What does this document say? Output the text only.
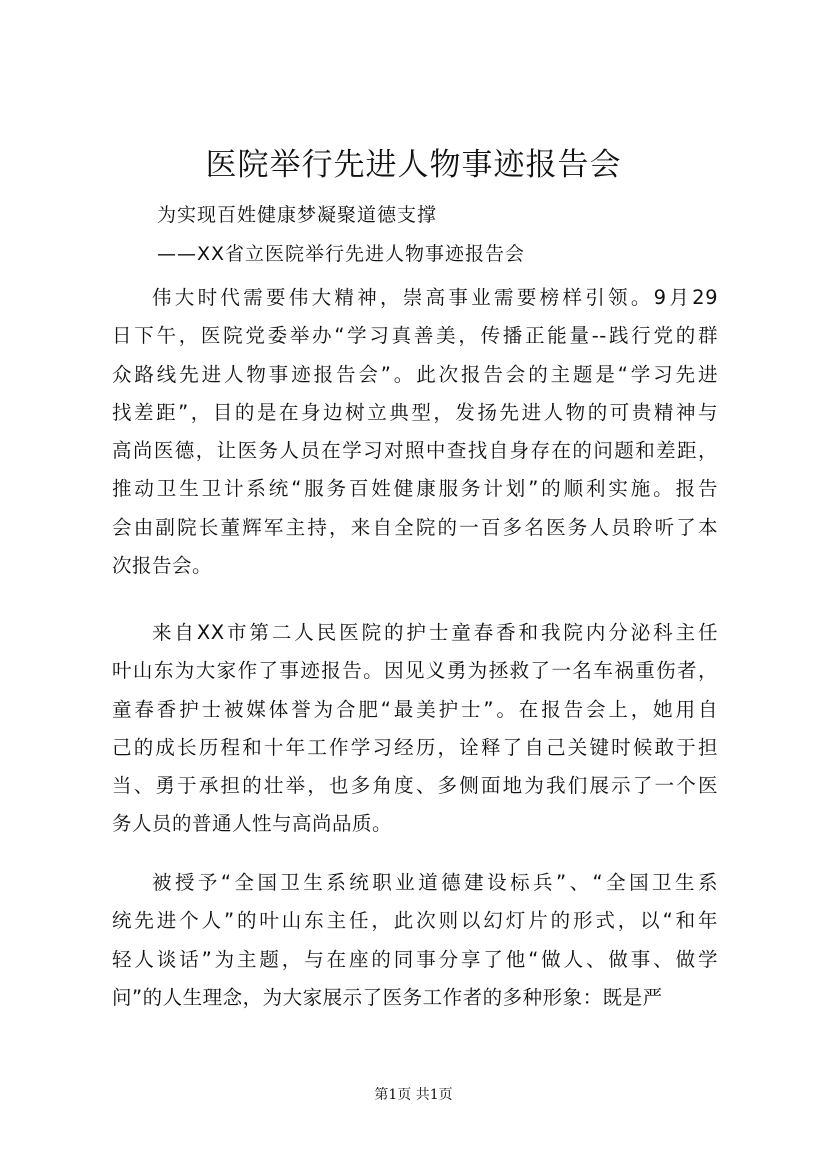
医院举行先进人物事迹报告会
为实现百姓健康梦凝聚道德支撑
——XX省立医院举行先进人物事迹报告会
伟大时代需要伟大精神，崇高事业需要榜样引领。9月29
日下午，医院党委举办“学习真善美，传播正能量--践行党的群
众路线先进人物事迹报告会”。此次报告会的主题是“学习先进
找差距”，目的是在身边树立典型，发扬先进人物的可贵精神与
高尚医德，让医务人员在学习对照中查找自身存在的问题和差距，
推动卫生卫计系统“服务百姓健康服务计划”的顺利实施。报告
会由副院长董辉军主持，来自全院的一百多名医务人员聆听了本
次报告会。
来自XX市第二人民医院的护士童春香和我院内分泌科主任
叶山东为大家作了事迹报告。因见义勇为拯救了一名车祸重伤者，
童春香护士被媒体誉为合肥“最美护士”。在报告会上，她用自
己的成长历程和十年工作学习经历，诠释了自己关键时候敢于担
当、勇于承担的壮举，也多角度、多侧面地为我们展示了一个医
务人员的普通人性与高尚品质。
被授予“全国卫生系统职业道德建设标兵”、“全国卫生系
统先进个人”的叶山东主任，此次则以幻灯片的形式，以“和年
轻人谈话”为主题，与在座的同事分享了他“做人、做事、做学
问”的人生理念，为大家展示了医务工作者的多种形象：既是严
第1页 共1页
